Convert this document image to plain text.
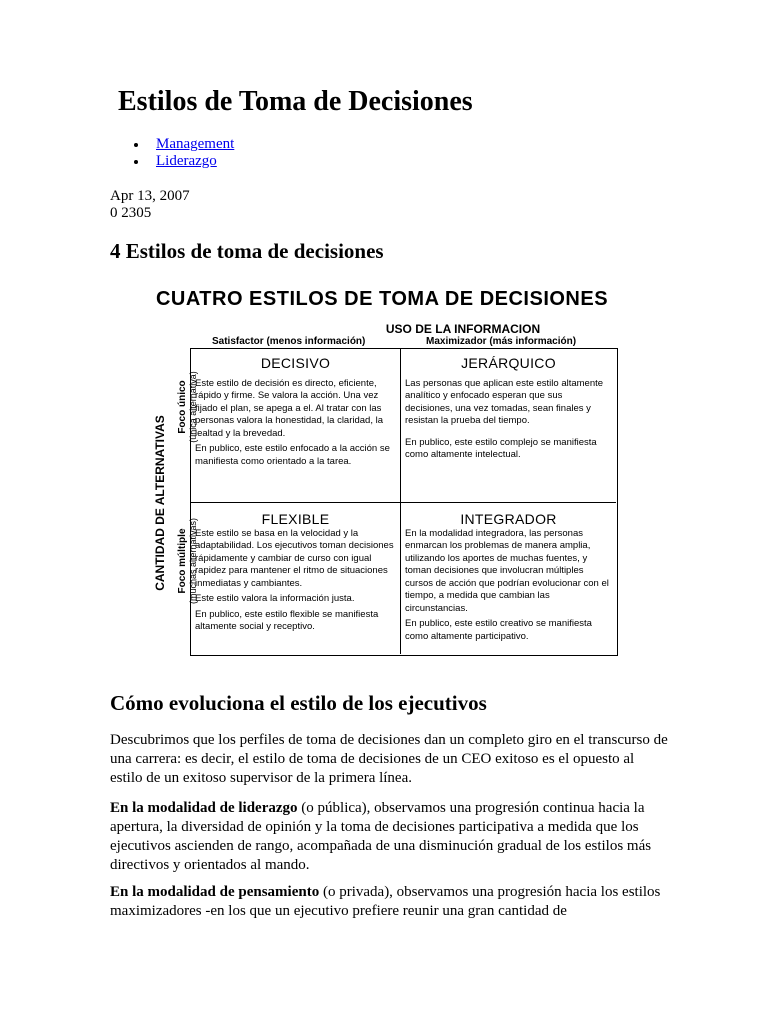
Estilos de Toma de Decisiones
Management
Liderazgo
Apr 13, 2007
0 2305
4 Estilos de toma de decisiones
CUATRO ESTILOS DE TOMA DE DECISIONES
USO DE LA INFORMACION
Satisfactor (menos información)	Maximizador (más información)
CANTIDAD DE ALTERNATIVAS
Foco único (única alternativa)
Foco múltiple (muchas alternativas)
DECISIVO

Este estilo de decisión es directo, eficiente, rápido y firme. Se valora la acción. Una vez fijado el plan, se apega a el. Al tratar con las personas valora la honestidad, la claridad, la lealtad y la brevedad.

En publico, este estilo enfocado a la acción se manifiesta como orientado a la tarea.

JERÁRQUICO

Las personas que aplican este estilo altamente analítico y enfocado esperan que sus decisiones, una vez tomadas, sean finales y resistan la prueba del tiempo.

En publico, este estilo complejo se manifiesta como altamente intelectual.

FLEXIBLE

Este estilo se basa en la velocidad y la adaptabilidad. Los ejecutivos toman decisiones rápidamente y cambiar de curso con igual rapidez para mantener el ritmo de situaciones inmediatas y cambiantes.

Este estilo valora la información justa.

En publico, este estilo flexible se manifiesta altamente social y receptivo.

INTEGRADOR

En la modalidad integradora, las personas enmarcan los problemas de manera amplia, utilizando los aportes de muchas fuentes, y toman decisiones que involucran múltiples cursos de acción que podrían evolucionar con el tiempo, a medida que cambian las circunstancias.

En publico, este estilo creativo se manifiesta como altamente participativo.

Cómo evoluciona el estilo de los ejecutivos

Descubrimos que los perfiles de toma de decisiones dan un completo giro en el transcurso de una carrera: es decir, el estilo de toma de decisiones de un CEO exitoso es el opuesto al estilo de un exitoso supervisor de la primera línea.

En la modalidad de liderazgo (o pública), observamos una progresión continua hacia la apertura, la diversidad de opinión y la toma de decisiones participativa a medida que los ejecutivos ascienden de rango, acompañada de una disminución gradual de los estilos más directivos y orientados al mando.

En la modalidad de pensamiento (o privada), observamos una progresión hacia los estilos maximizadores -en los que un ejecutivo prefiere reunir una gran cantidad de
